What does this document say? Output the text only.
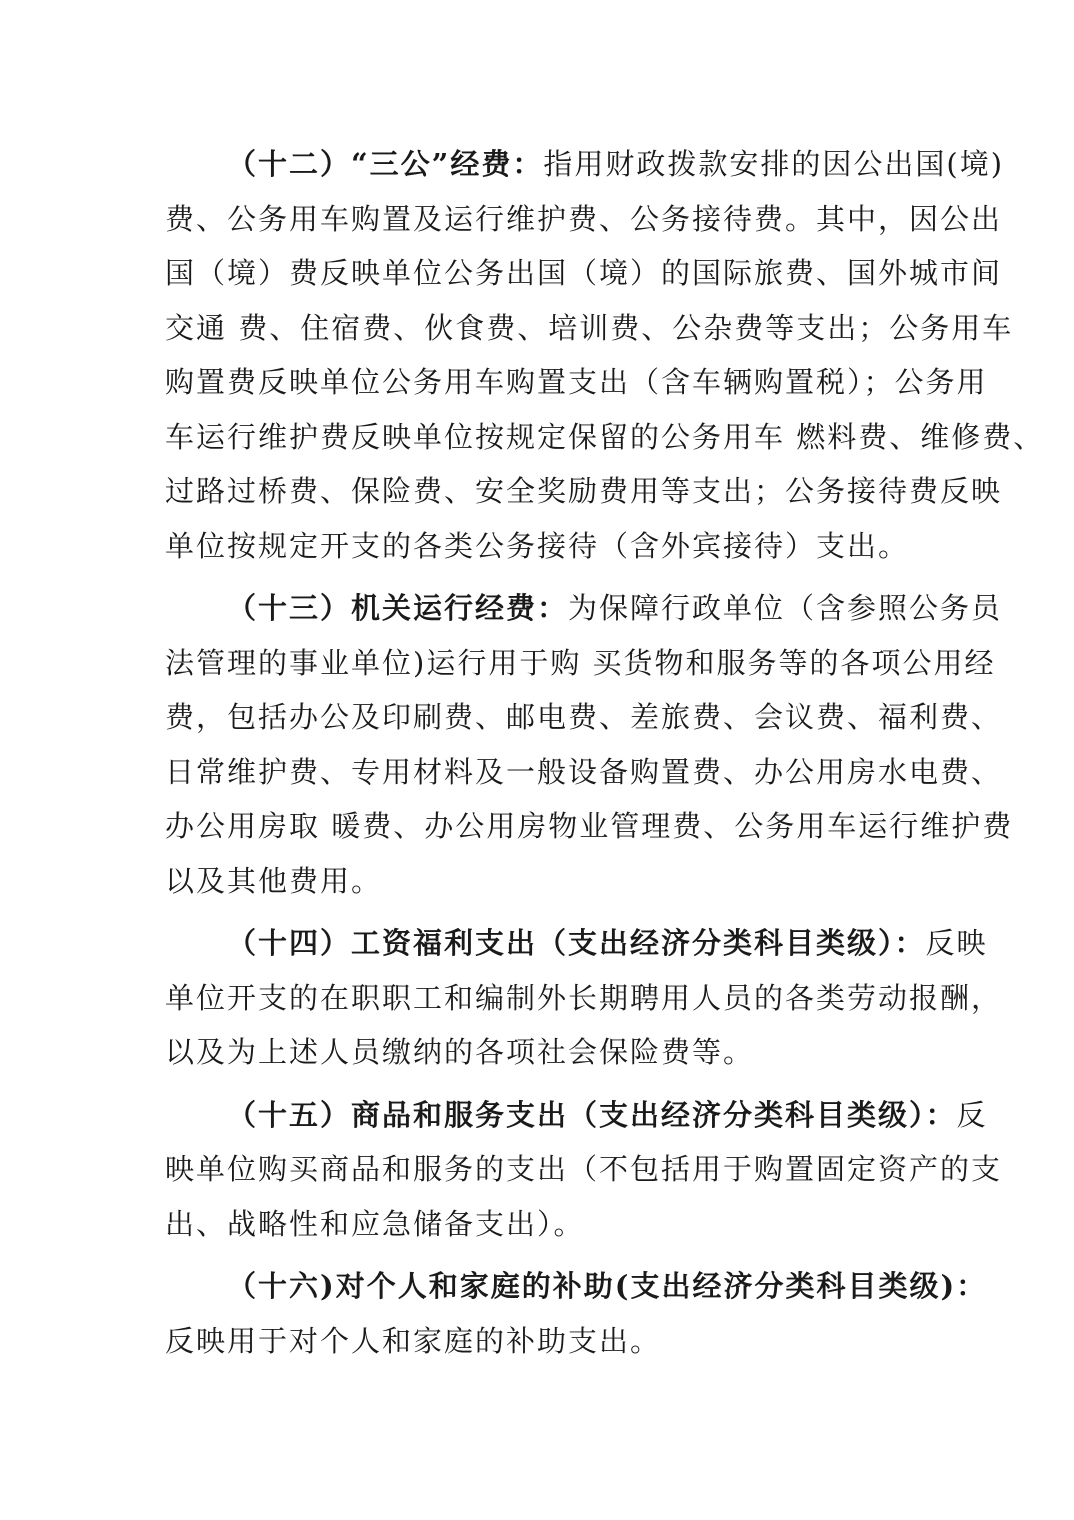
（十二）“三公”经费：指用财政拨款安排的因公出国(境)
费、公务用车购置及运行维护费、公务接待费。其中，因公出
国（境）费反映单位公务出国（境）的国际旅费、国外城市间
交通 费、住宿费、伙食费、培训费、公杂费等支出；公务用车
购置费反映单位公务用车购置支出（含车辆购置税）；公务用
车运行维护费反映单位按规定保留的公务用车 燃料费、维修费、
过路过桥费、保险费、安全奖励费用等支出；公务接待费反映
单位按规定开支的各类公务接待（含外宾接待）支出。

（十三）机关运行经费：为保障行政单位（含参照公务员
法管理的事业单位)运行用于购 买货物和服务等的各项公用经
费，包括办公及印刷费、邮电费、差旅费、会议费、福利费、
日常维护费、专用材料及一般设备购置费、办公用房水电费、
办公用房取 暖费、办公用房物业管理费、公务用车运行维护费
以及其他费用。

（十四）工资福利支出（支出经济分类科目类级）：反映
单位开支的在职职工和编制外长期聘用人员的各类劳动报酬，
以及为上述人员缴纳的各项社会保险费等。

（十五）商品和服务支出（支出经济分类科目类级）：反
映单位购买商品和服务的支出（不包括用于购置固定资产的支
出、战略性和应急储备支出）。

（十六)对个人和家庭的补助(支出经济分类科目类级)：
反映用于对个人和家庭的补助支出。
